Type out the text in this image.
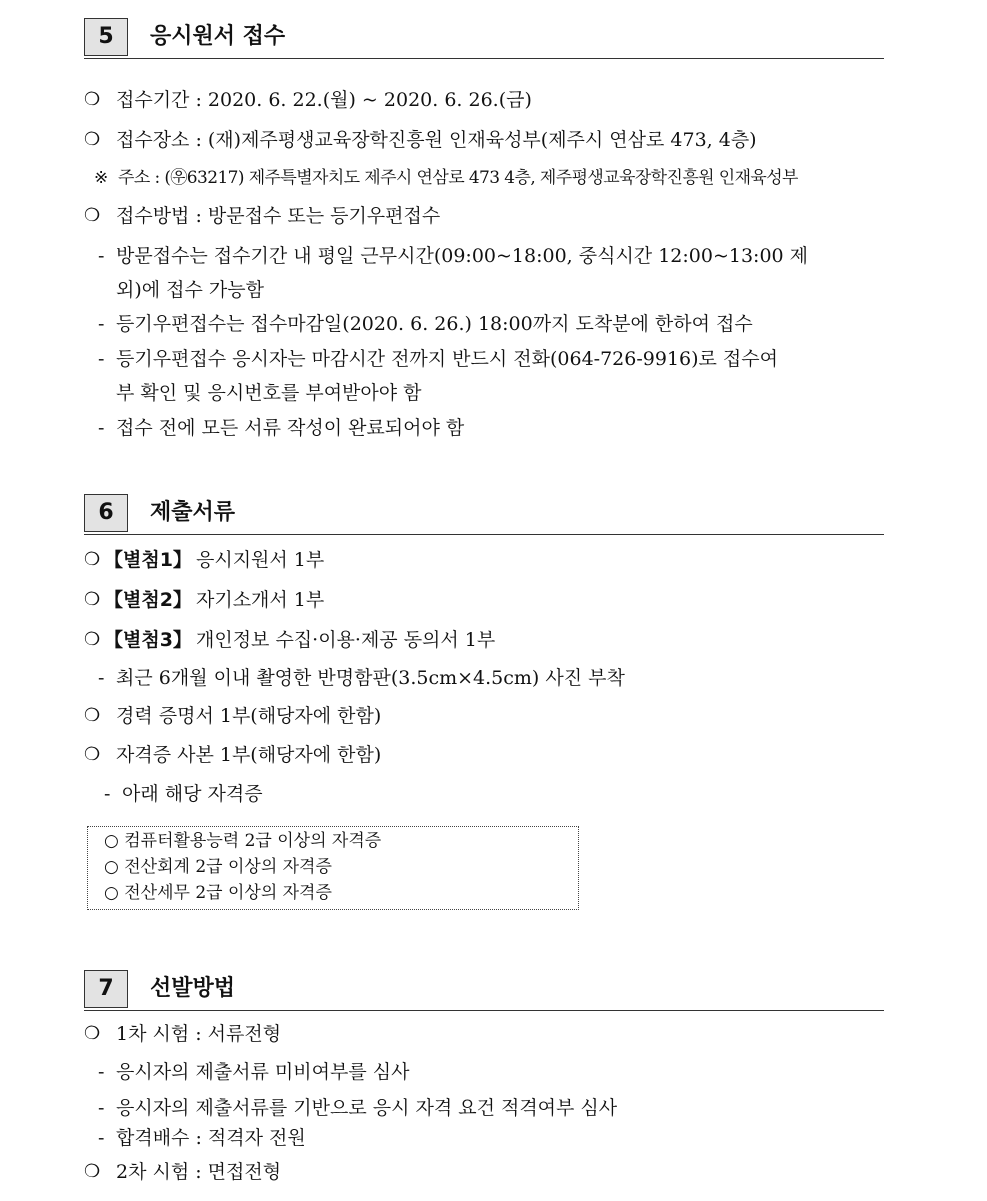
5	응시원서 접수
❍ 접수기간 : 2020. 6. 22.(월) ~ 2020. 6. 26.(금)
❍ 접수장소 : (재)제주평생교육장학진흥원 인재육성부(제주시 연삼로 473, 4층)
※ 주소 : (㉾63217) 제주특별자치도 제주시 연삼로 473 4층, 제주평생교육장학진흥원 인재육성부
❍ 접수방법 : 방문접수 또는 등기우편접수
- 방문접수는 접수기간 내 평일 근무시간(09:00~18:00, 중식시간 12:00~13:00 제
외)에 접수 가능함
- 등기우편접수는 접수마감일(2020. 6. 26.) 18:00까지 도착분에 한하여 접수
- 등기우편접수 응시자는 마감시간 전까지 반드시 전화(064-726-9916)로 접수여
부 확인 및 응시번호를 부여받아야 함
- 접수 전에 모든 서류 작성이 완료되어야 함
6	제출서류
❍ 【별첨1】 응시지원서 1부
❍ 【별첨2】 자기소개서 1부
❍ 【별첨3】 개인정보 수집·이용·제공 동의서 1부
- 최근 6개월 이내 촬영한 반명함판(3.5cm×4.5cm) 사진 부착
❍ 경력 증명서 1부(해당자에 한함)
❍ 자격증 사본 1부(해당자에 한함)
- 아래 해당 자격증
○ 컴퓨터활용능력 2급 이상의 자격증
○ 전산회계 2급 이상의 자격증
○ 전산세무 2급 이상의 자격증
7	선발방법
❍ 1차 시험 : 서류전형
- 응시자의 제출서류 미비여부를 심사
- 응시자의 제출서류를 기반으로 응시 자격 요건 적격여부 심사
- 합격배수 : 적격자 전원
❍ 2차 시험 : 면접전형
